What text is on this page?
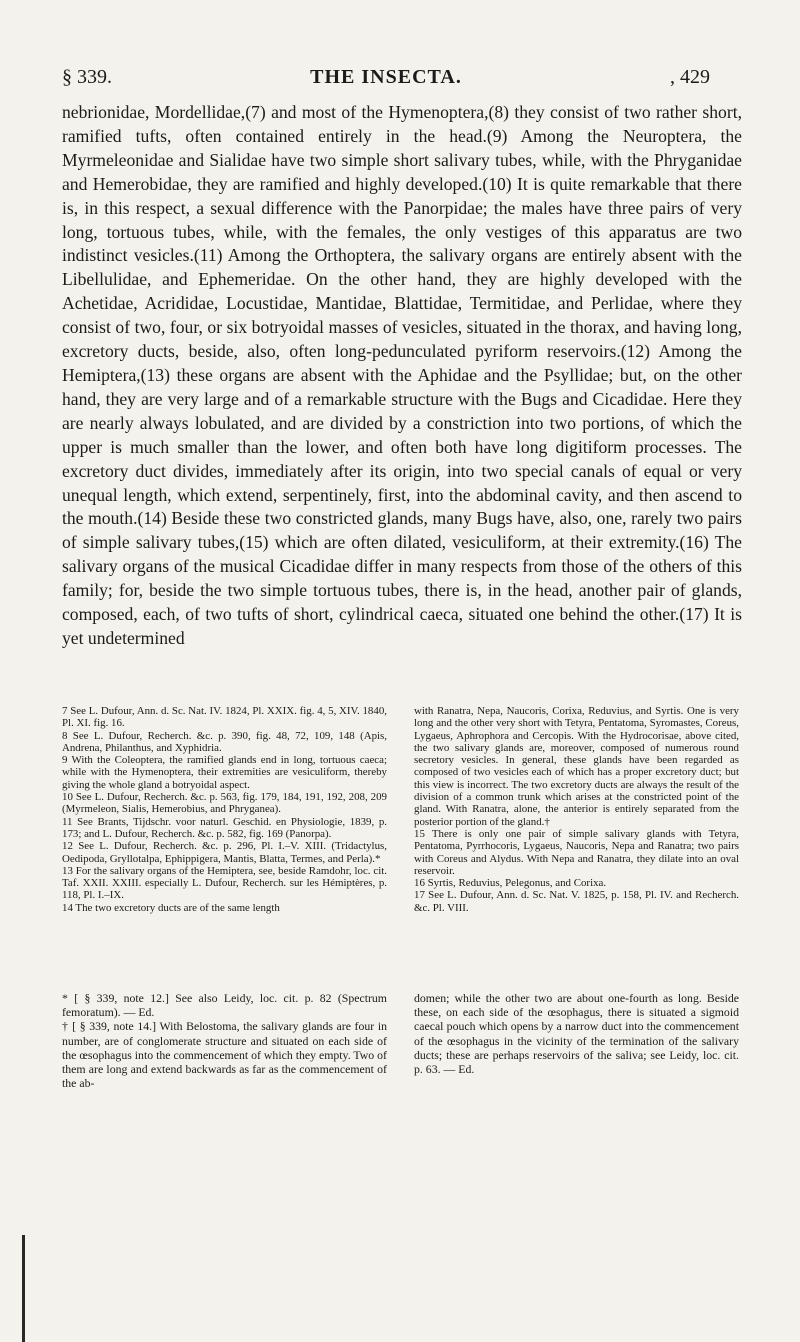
§ 339.	THE INSECTA.	, 429

nebrionidae, Mordellidae,(7) and most of the Hymenoptera,(8) they consist of two rather short, ramified tufts, often contained entirely in the head.(9) Among the Neuroptera, the Myrmeleonidae and Sialidae have two simple short salivary tubes, while, with the Phryganidae and Hemerobidae, they are ramified and highly developed.(10) It is quite remarkable that there is, in this respect, a sexual difference with the Panorpidae; the males have three pairs of very long, tortuous tubes, while, with the females, the only vestiges of this apparatus are two indistinct vesicles.(11) Among the Orthoptera, the salivary organs are entirely absent with the Libellulidae, and Ephemeridae. On the other hand, they are highly developed with the Achetidae, Acrididae, Locustidae, Mantidae, Blattidae, Termitidae, and Perlidae, where they consist of two, four, or six botryoidal masses of vesicles, situated in the thorax, and having long, excretory ducts, beside, also, often long-pedunculated pyriform reservoirs.(12) Among the Hemiptera,(13) these organs are absent with the Aphidae and the Psyllidae; but, on the other hand, they are very large and of a remarkable structure with the Bugs and Cicadidae. Here they are nearly always lobulated, and are divided by a constriction into two portions, of which the upper is much smaller than the lower, and often both have long digitiform processes. The excretory duct divides, immediately after its origin, into two special canals of equal or very unequal length, which extend, serpentinely, first, into the abdominal cavity, and then ascend to the mouth.(14) Beside these two constricted glands, many Bugs have, also, one, rarely two pairs of simple salivary tubes,(15) which are often dilated, vesiculiform, at their extremity.(16) The salivary organs of the musical Cicadidae differ in many respects from those of the others of this family; for, beside the two simple tortuous tubes, there is, in the head, another pair of glands, composed, each, of two tufts of short, cylindrical caeca, situated one behind the other.(17) It is yet undetermined

7 See L. Dufour, Ann. d. Sc. Nat. IV. 1824, Pl. XXIX. fig. 4, 5, XIV. 1840, Pl. XI. fig. 16.

8 See L. Dufour, Recherch. &c. p. 390, fig. 48, 72, 109, 148 (Apis, Andrena, Philanthus, and Xyphidria.

9 With the Coleoptera, the ramified glands end in long, tortuous caeca; while with the Hymenoptera, their extremities are vesiculiform, thereby giving the whole gland a botryoidal aspect.

10 See L. Dufour, Recherch. &c. p. 563, fig. 179, 184, 191, 192, 208, 209 (Myrmeleon, Sialis, Hemerobius, and Phryganea).

11 See Brants, Tijdschr. voor naturl. Geschid. en Physiologie, 1839, p. 173; and L. Dufour, Recherch. &c. p. 582, fig. 169 (Panorpa).

12 See L. Dufour, Recherch. &c. p. 296, Pl. I.–V. XIII. (Tridactylus, Oedipoda, Gryllotalpa, Ephippigera, Mantis, Blatta, Termes, and Perla).*

13 For the salivary organs of the Hemiptera, see, beside Ramdohr, loc. cit. Taf. XXII. XXIII. especially L. Dufour, Recherch. sur les Hémiptères, p. 118, Pl. I.–IX.

14 The two excretory ducts are of the same length

with Ranatra, Nepa, Naucoris, Corixa, Reduvius, and Syrtis. One is very long and the other very short with Tetyra, Pentatoma, Syromastes, Coreus, Lygaeus, Aphrophora and Cercopis. With the Hydrocorisae, above cited, the two salivary glands are, moreover, composed of numerous round secretory vesicles. In general, these glands have been regarded as composed of two vesicles each of which has a proper excretory duct; but this view is incorrect. The two excretory ducts are always the result of the division of a common trunk which arises at the constricted point of the gland. With Ranatra, alone, the anterior is entirely separated from the posterior portion of the gland.†

15 There is only one pair of simple salivary glands with Tetyra, Pentatoma, Pyrrhocoris, Lygaeus, Naucoris, Nepa and Ranatra; two pairs with Coreus and Alydus. With Nepa and Ranatra, they dilate into an oval reservoir.

16 Syrtis, Reduvius, Pelegonus, and Corixa.

17 See L. Dufour, Ann. d. Sc. Nat. V. 1825, p. 158, Pl. IV. and Recherch. &c. Pl. VIII.

* [ § 339, note 12.] See also Leidy, loc. cit. p. 82 (Spectrum femoratum). — Ed.
† [ § 339, note 14.] With Belostoma, the salivary glands are four in number, are of conglomerate structure and situated on each side of the œsophagus into the commencement of which they empty. Two of them are long and extend backwards as far as the commencement of the ab-

domen; while the other two are about one-fourth as long. Beside these, on each side of the œsophagus, there is situated a sigmoid caecal pouch which opens by a narrow duct into the commencement of the œsophagus in the vicinity of the termination of the salivary ducts; these are perhaps reservoirs of the saliva; see Leidy, loc. cit. p. 63. — Ed.
